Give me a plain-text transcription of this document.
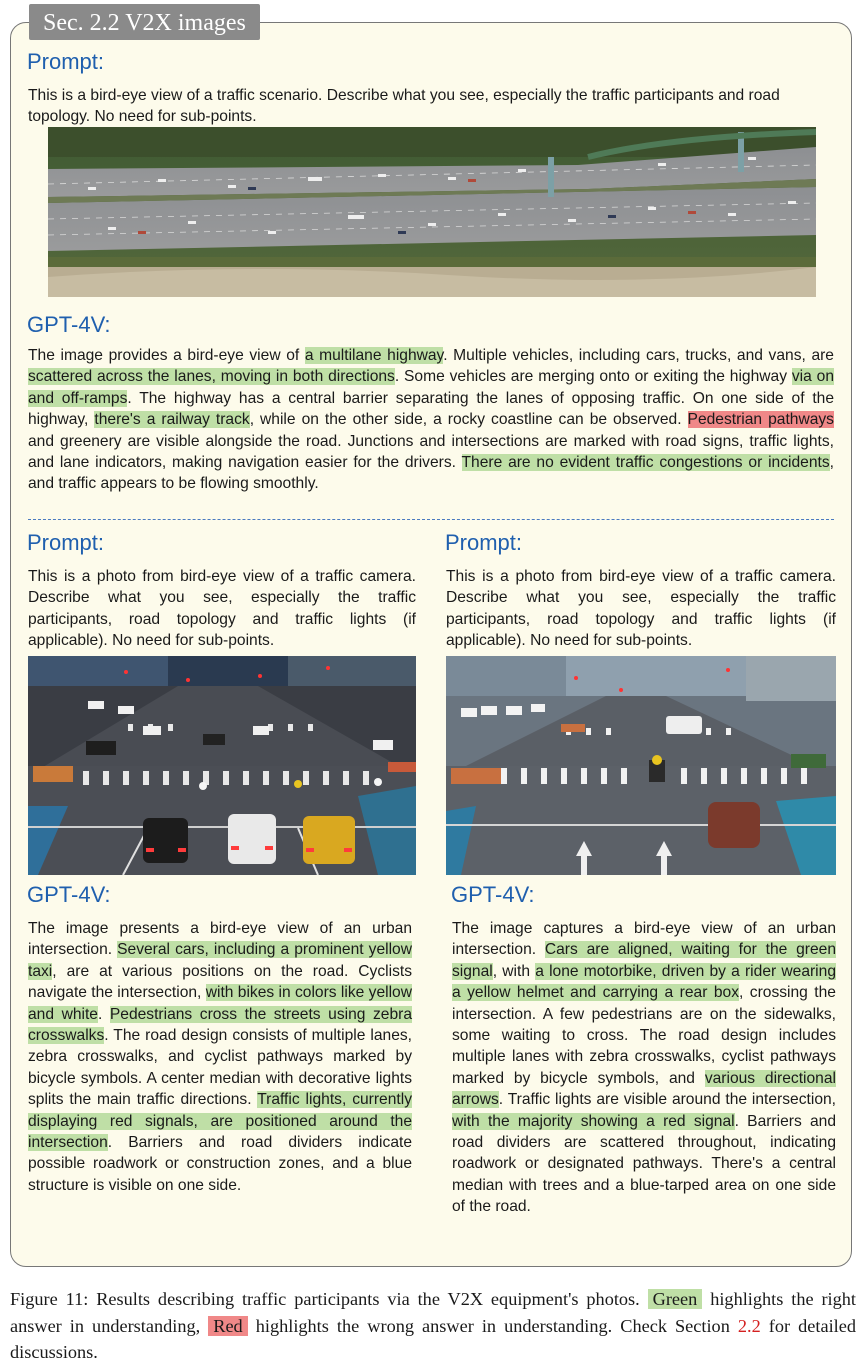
Sec. 2.2 V2X images
Prompt:

This is a bird-eye view of a traffic scenario. Describe what you see, especially the traffic participants and road topology. No need for sub-points.

GPT-4V:

The image provides a bird-eye view of a multilane highway. Multiple vehicles, including cars, trucks, and vans, are scattered across the lanes, moving in both directions. Some vehicles are merging onto or exiting the highway via on and off-ramps. The highway has a central barrier separating the lanes of opposing traffic. On one side of the highway, there's a railway track, while on the other side, a rocky coastline can be observed. Pedestrian pathways and greenery are visible alongside the road. Junctions and intersections are marked with road signs, traffic lights, and lane indicators, making navigation easier for the drivers. There are no evident traffic congestions or incidents, and traffic appears to be flowing smoothly.

Prompt:

This is a photo from bird-eye view of a traffic camera. Describe what you see, especially the traffic participants, road topology and traffic lights (if applicable). No need for sub-points.

GPT-4V:

The image presents a bird-eye view of an urban intersection. Several cars, including a prominent yellow taxi, are at various positions on the road. Cyclists navigate the intersection, with bikes in colors like yellow and white. Pedestrians cross the streets using zebra crosswalks. The road design consists of multiple lanes, zebra crosswalks, and cyclist pathways marked by bicycle symbols. A center median with decorative lights splits the main traffic directions. Traffic lights, currently displaying red signals, are positioned around the intersection. Barriers and road dividers indicate possible roadwork or construction zones, and a blue structure is visible on one side.

Prompt:

This is a photo from bird-eye view of a traffic camera. Describe what you see, especially the traffic participants, road topology and traffic lights (if applicable). No need for sub-points.

GPT-4V:

The image captures a bird-eye view of an urban intersection. Cars are aligned, waiting for the green signal, with a lone motorbike, driven by a rider wearing a yellow helmet and carrying a rear box, crossing the intersection. A few pedestrians are on the sidewalks, some waiting to cross. The road design includes multiple lanes with zebra crosswalks, cyclist pathways marked by bicycle symbols, and various directional arrows. Traffic lights are visible around the intersection, with the majority showing a red signal. Barriers and road dividers are scattered throughout, indicating roadwork or designated pathways. There's a central median with trees and a blue-tarped area on one side of the road.

Figure 11: Results describing traffic participants via the V2X equipment's photos. Green highlights the right answer in understanding, Red highlights the wrong answer in understanding. Check Section 2.2 for detailed discussions.
